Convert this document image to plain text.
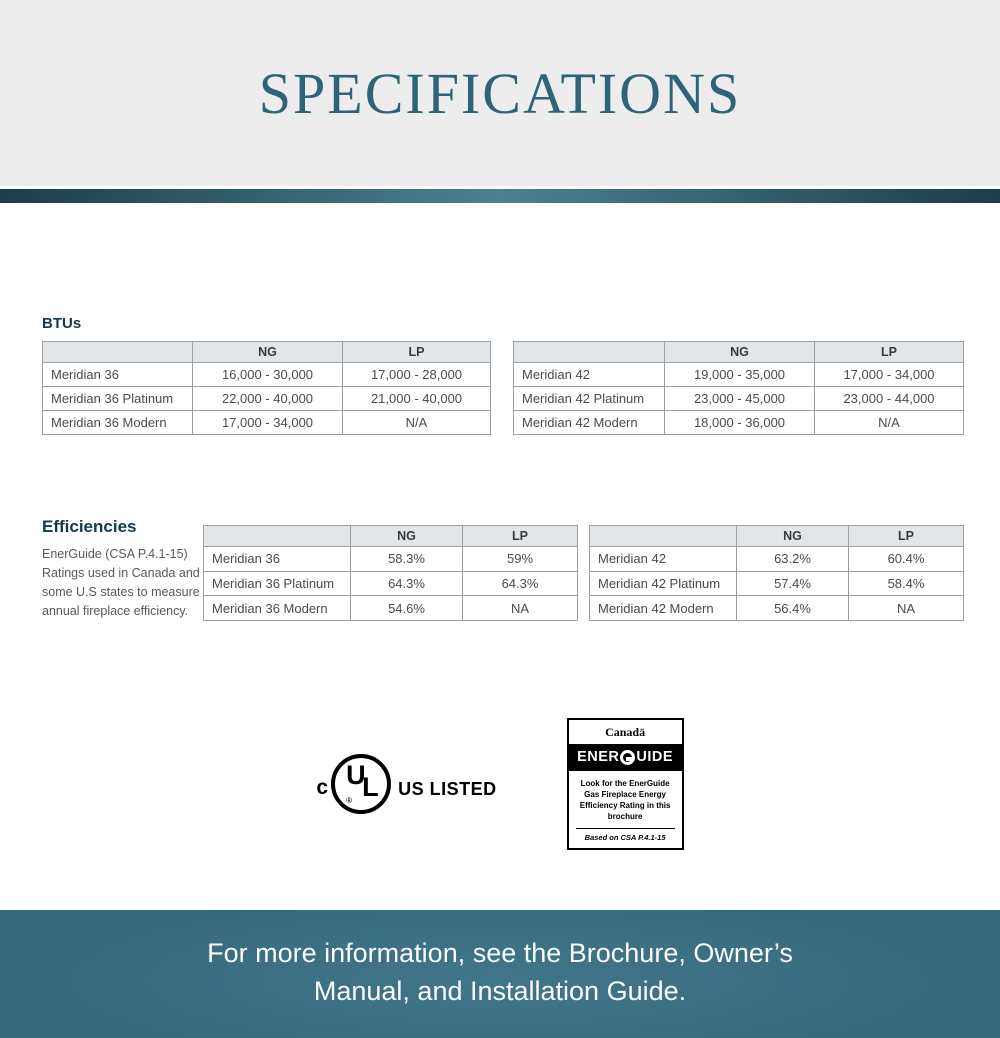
SPECIFICATIONS
BTUs
	NG	LP
Meridian 36	16,000 - 30,000	17,000 - 28,000
Meridian 36 Platinum	22,000 - 40,000	21,000 - 40,000
Meridian 36 Modern	17,000 - 34,000	N/A
	NG	LP
Meridian 42	19,000 - 35,000	17,000 - 34,000
Meridian 42 Platinum	23,000 - 45,000	23,000 - 44,000
Meridian 42 Modern	18,000 - 36,000	N/A
Efficiencies
EnerGuide (CSA P.4.1-15) Ratings used in Canada and some U.S states to measure annual fireplace efficiency.
	NG	LP
Meridian 36	58.3%	59%
Meridian 36 Platinum	64.3%	64.3%
Meridian 36 Modern	54.6%	NA
	NG	LP
Meridian 42	63.2%	60.4%
Meridian 42 Platinum	57.4%	58.4%
Meridian 42 Modern	56.4%	NA
c U
L
®
US LISTED
Canadä
ENER UIDE
Look for the EnerGuide
Gas Fireplace Energy
Efficiency Rating in this brochure
Based on CSA P.4.1-15
For more information, see the Brochure, Owner’s
Manual, and Installation Guide.
